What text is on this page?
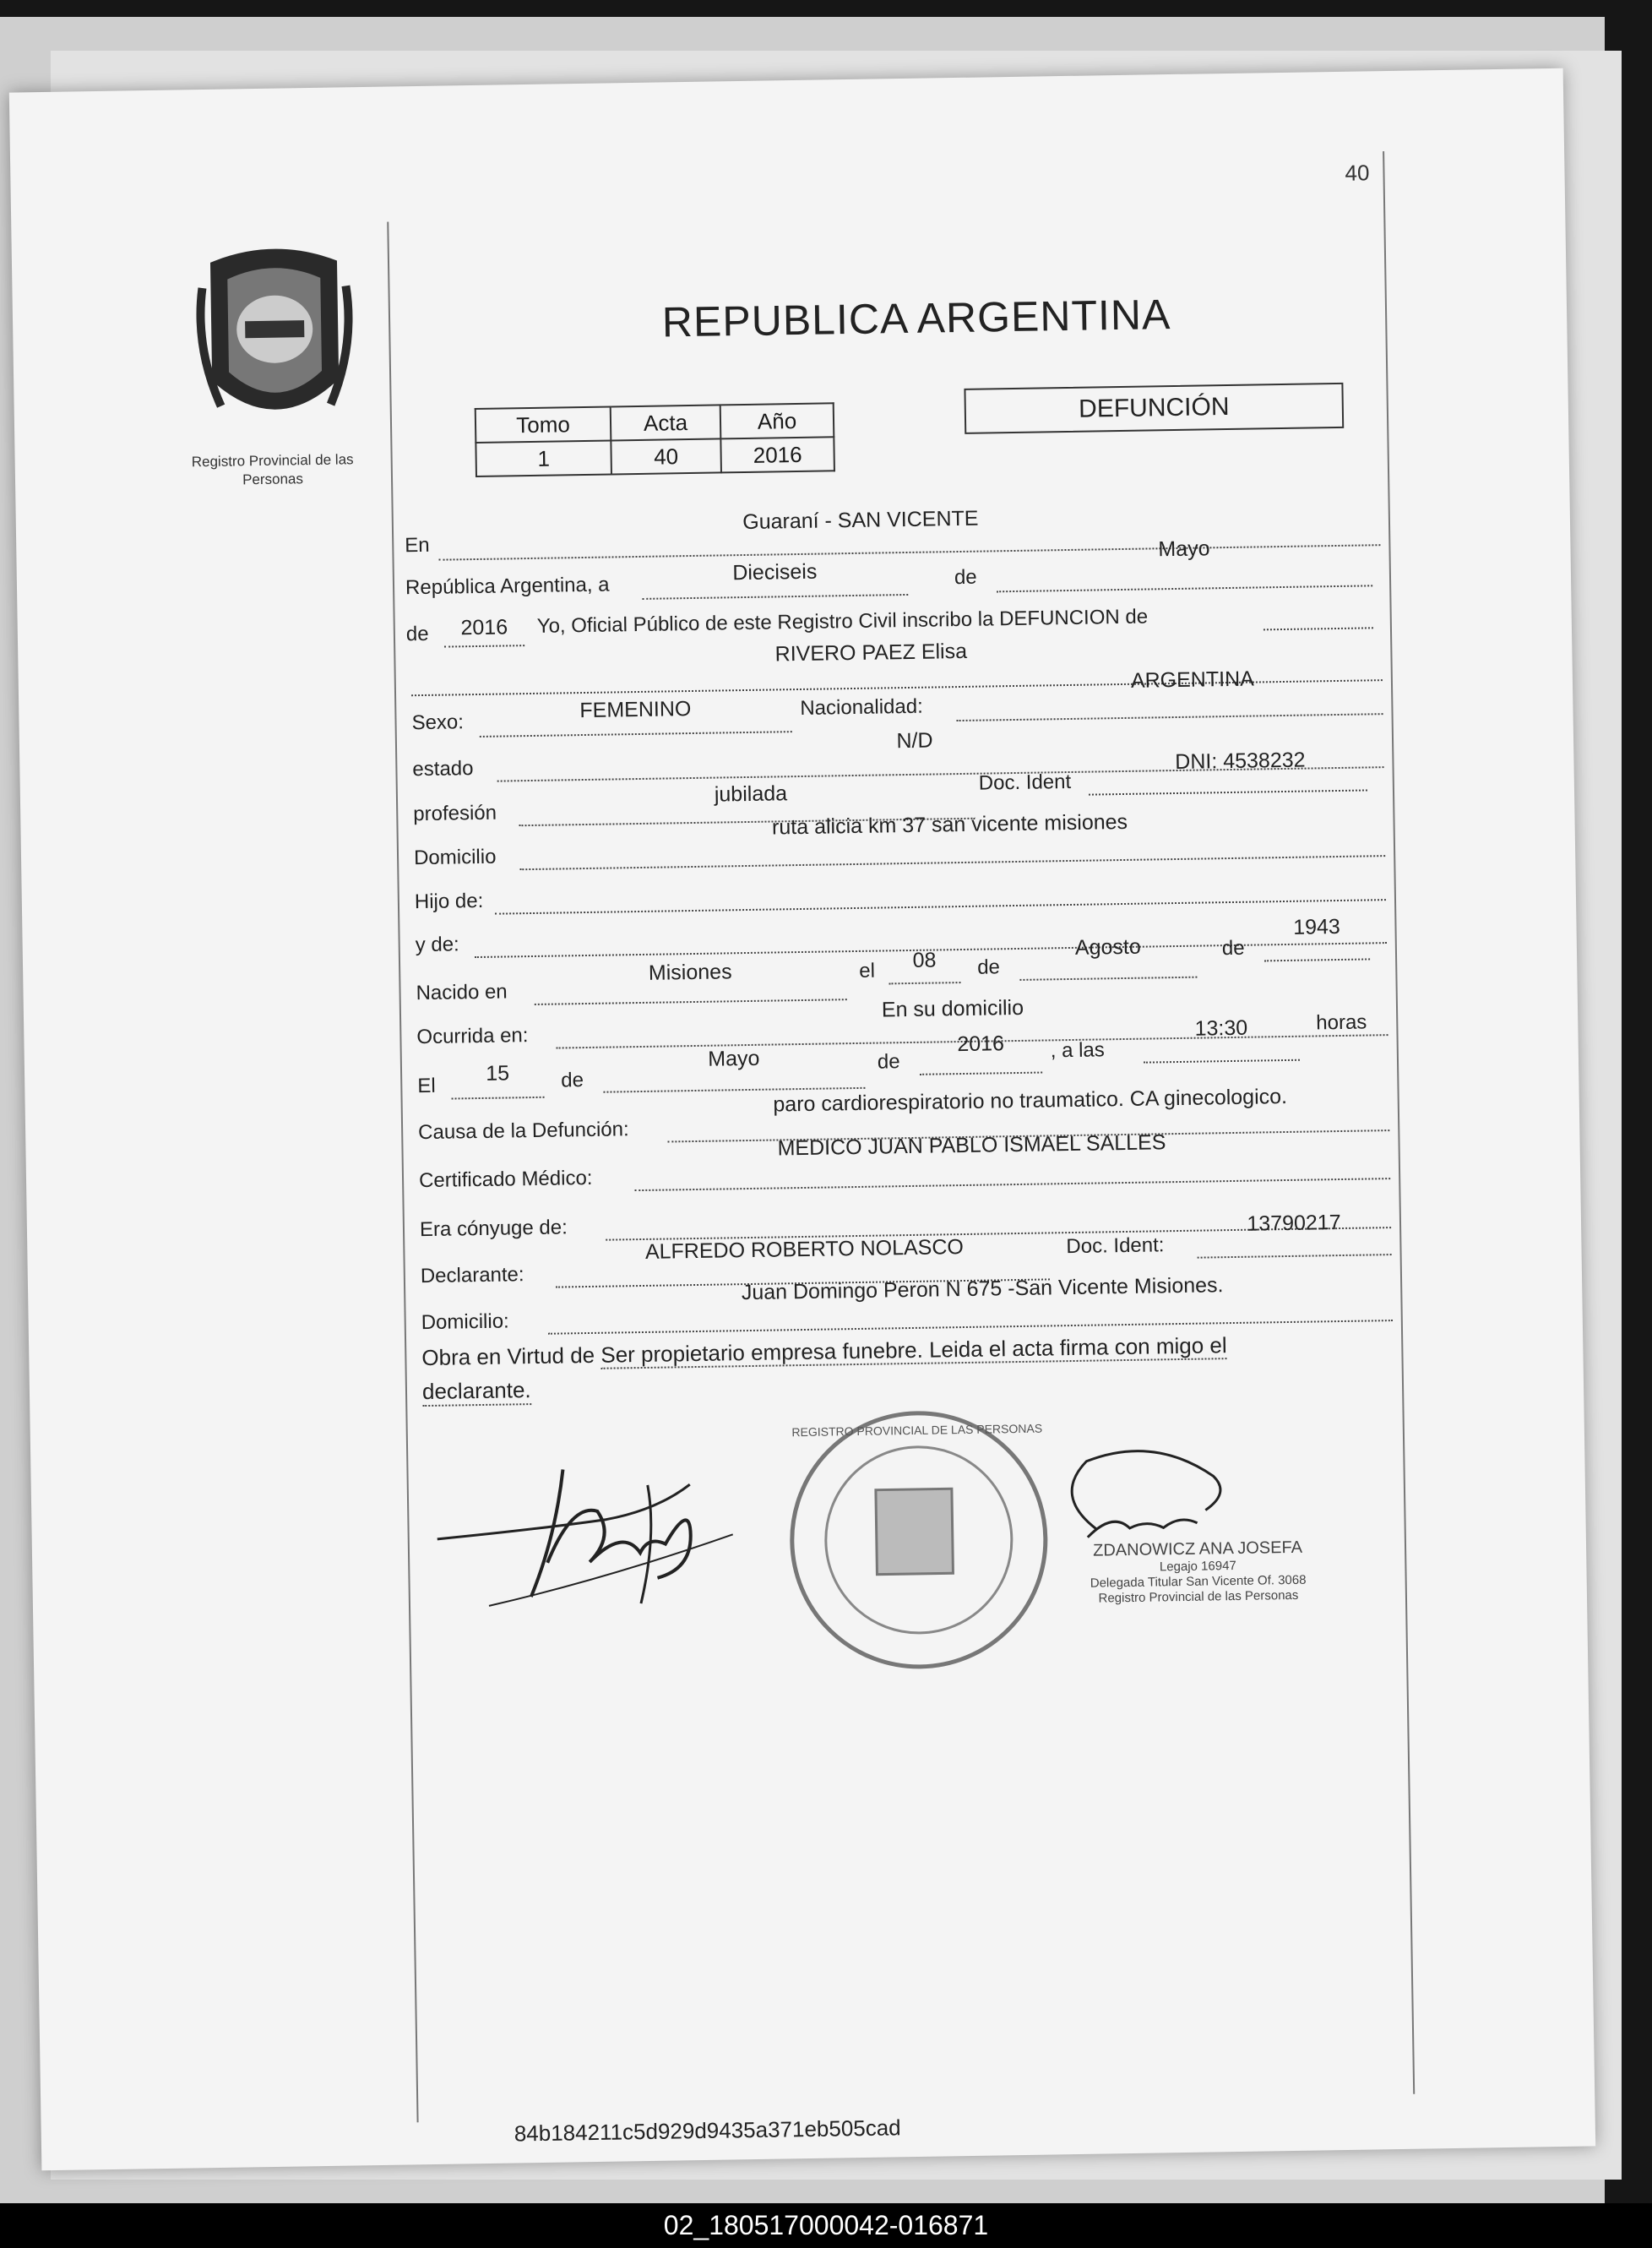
40
Registro Provincial de las Personas
REPUBLICA ARGENTINA
Tomo	Acta	Año
1	40	2016
DEFUNCIÓN
En
Guaraní - SAN VICENTE
República Argentina, a
Dieciseis	de
Mayo
de	2016	Yo, Oficial Público de este Registro Civil inscribo la DEFUNCION de
RIVERO PAEZ Elisa
Sexo:
FEMENINO	Nacionalidad:
ARGENTINA
estado
N/D
profesión
jubilada	Doc. Ident
DNI: 4538232
Domicilio
ruta alicia km 37 san vicente misiones
Hijo de:
y de:
Nacido en
Misiones	el	08	de
Agosto	de
1943
Ocurrida en:
En su domicilio
El
15	de
Mayo	de
2016	, a las
13:30	horas
Causa de la Defunción:
paro cardiorespiratorio no traumatico. CA ginecologico.
Certificado Médico:
MEDICO JUAN PABLO ISMAEL SALLES
Era cónyuge de:
Declarante:
ALFREDO ROBERTO NOLASCO	Doc. Ident:
13790217
Domicilio:
Juan Domingo Peron N 675 -San Vicente Misiones.
Obra en Virtud de Ser propietario empresa funebre. Leida el acta firma con migo el
declarante.
REGISTRO PROVINCIAL DE LAS PERSONAS
ZDANOWICZ ANA JOSEFA
Legajo 16947
Delegada Titular San Vicente Of. 3068
Registro Provincial de las Personas
84b184211c5d929d9435a371eb505cad
02_180517000042-016871
